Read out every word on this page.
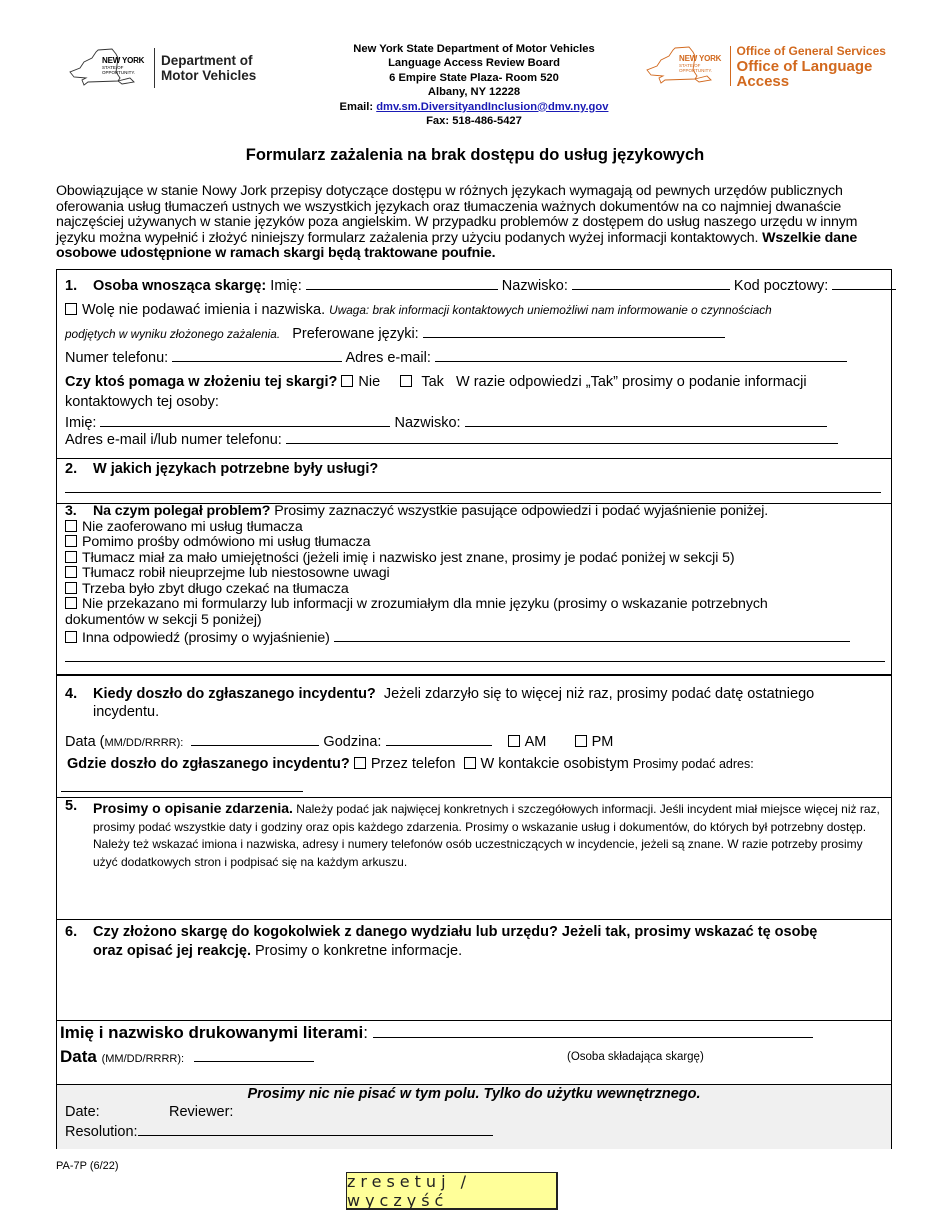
NEW YORK
STATE OF
OPPORTUNITY.
Department of
Motor Vehicles
New York State Department of Motor Vehicles
Language Access Review Board
6 Empire State Plaza- Room 520
Albany, NY 12228
Email: dmv.sm.DiversityandInclusion@dmv.ny.gov
Fax: 518-486-5427
NEW YORK
STATE OF
OPPORTUNITY.
Office of General Services
Office of Language Access
Formularz zażalenia na brak dostępu do usług językowych
Obowiązujące w stanie Nowy Jork przepisy dotyczące dostępu w różnych językach wymagają od pewnych urzędów publicznych oferowania usług tłumaczeń ustnych we wszystkich językach oraz tłumaczenia ważnych dokumentów na co najmniej dwanaście najczęściej używanych w stanie języków poza angielskim. W przypadku problemów z dostępem do usług naszego urzędu w innym języku można wypełnić i złożyć niniejszy formularz zażalenia przy użyciu podanych wyżej informacji kontaktowych. Wszelkie dane osobowe udostępnione w ramach skargi będą traktowane poufnie.
1. Osoba wnosząca skargę: Imię:	Nazwisko:	Kod pocztowy:
Wolę nie podawać imienia i nazwiska. Uwaga: brak informacji kontaktowych uniemożliwi nam informowanie o czynnościach
podjętych w wyniku złożonego zażalenia. Preferowane języki:
Numer telefonu:	Adres e-mail:
Czy ktoś pomaga w złożeniu tej skargi? Nie	Tak W razie odpowiedzi „Tak” prosimy o podanie informacji
kontaktowych tej osoby:
Imię:	Nazwisko:
Adres e-mail i/lub numer telefonu:
2. W jakich językach potrzebne były usługi?
3. Na czym polegał problem? Prosimy zaznaczyć wszystkie pasujące odpowiedzi i podać wyjaśnienie poniżej.
Nie zaoferowano mi usług tłumacza
Pomimo prośby odmówiono mi usług tłumacza
Tłumacz miał za mało umiejętności (jeżeli imię i nazwisko jest znane, prosimy je podać poniżej w sekcji 5)
Tłumacz robił nieuprzejme lub niestosowne uwagi
Trzeba było zbyt długo czekać na tłumacza
Nie przekazano mi formularzy lub informacji w zrozumiałym dla mnie języku (prosimy o wskazanie potrzebnych
dokumentów w sekcji 5 poniżej)
Inna odpowiedź (prosimy o wyjaśnienie)
4. Kiedy doszło do zgłaszanego incydentu? Jeżeli zdarzyło się to więcej niż raz, prosimy podać datę ostatniego
incydentu.
Data (MM/DD/RRRR):	Godzina:	AM	PM
Gdzie doszło do zgłaszanego incydentu? Przez telefon W kontakcie osobistym Prosimy podać adres:
5.	Prosimy o opisanie zdarzenia. Należy podać jak najwięcej konkretnych i szczegółowych informacji. Jeśli incydent miał miejsce więcej niż raz, prosimy podać wszystkie daty i godziny oraz opis każdego zdarzenia. Prosimy o wskazanie usług i dokumentów, do których był potrzebny dostęp. Należy też wskazać imiona i nazwiska, adresy i numery telefonów osób uczestniczących w incydencie, jeżeli są znane. W razie potrzeby prosimy użyć dodatkowych stron i podpisać się na każdym arkuszu.
6. Czy złożono skargę do kogokolwiek z danego wydziału lub urzędu? Jeżeli tak, prosimy wskazać tę osobę
oraz opisać jej reakcję. Prosimy o konkretne informacje.
Imię i nazwisko drukowanymi literami:
Data (MM/DD/RRRR):	(Osoba składająca skargę)
Prosimy nic nie pisać w tym polu. Tylko do użytku wewnętrznego.
Date:	Reviewer:
Resolution:
PA-7P (6/22)
zresetuj / wyczyść
